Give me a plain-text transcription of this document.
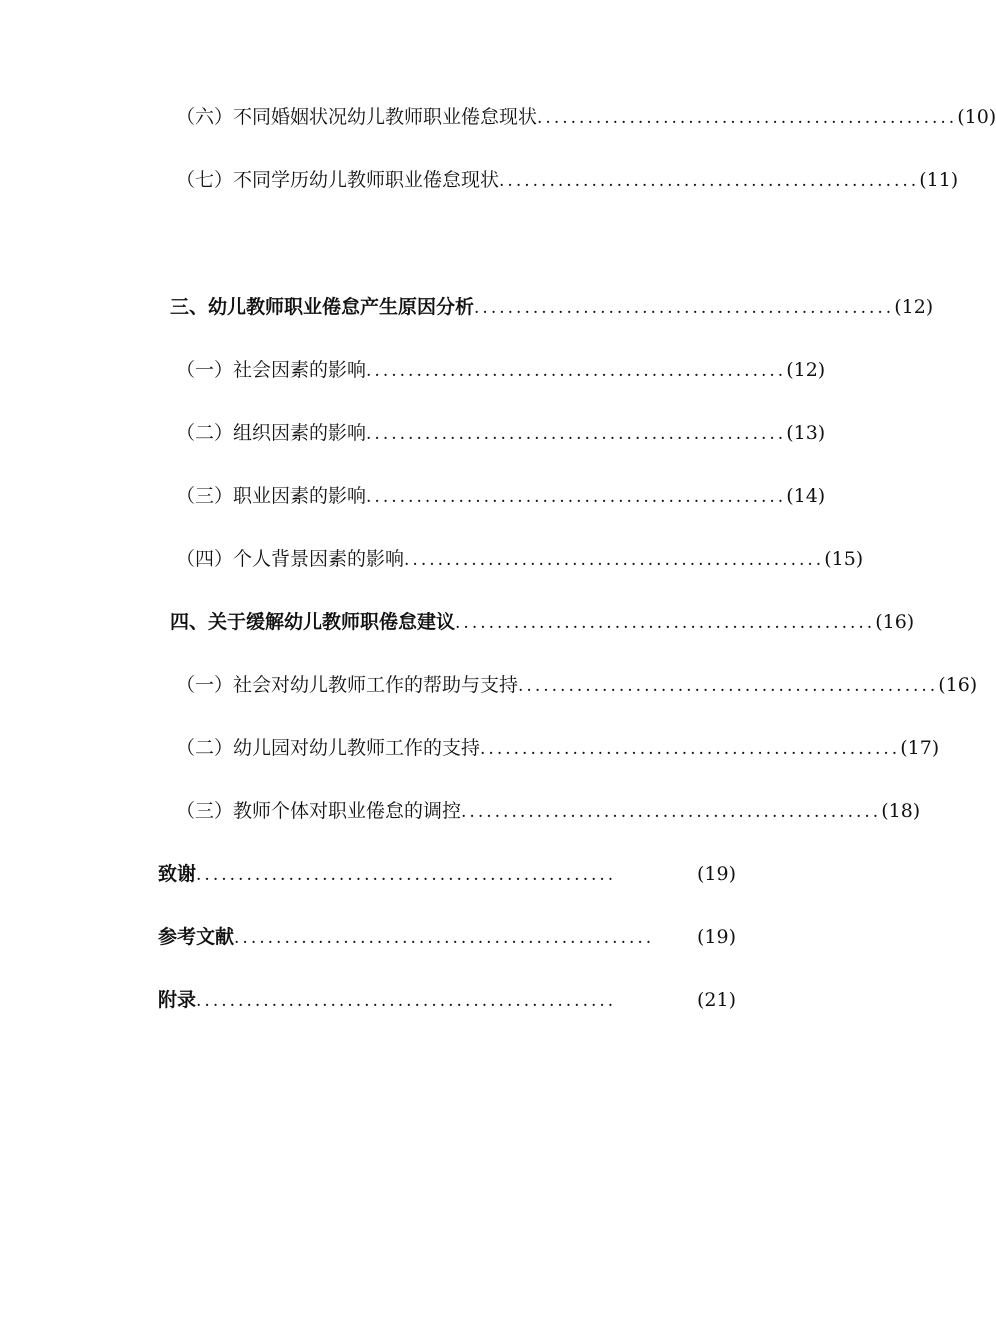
（六）不同婚姻状况幼儿教师职业倦怠现状 .................................................. (10)
（七）不同学历幼儿教师职业倦怠现状 .................................................. (11)
三、幼儿教师职业倦怠产生原因分析 .................................................. (12)
（一）社会因素的影响 .................................................. (12)
（二）组织因素的影响 .................................................. (13)
（三）职业因素的影响 .................................................. (14)
（四）个人背景因素的影响 .................................................. (15)
四、关于缓解幼儿教师职倦怠建议 .................................................. (16)
（一）社会对幼儿教师工作的帮助与支持 .................................................. (16)
（二）幼儿园对幼儿教师工作的支持 .................................................. (17)
（三）教师个体对职业倦怠的调控 .................................................. (18)
致谢 ..................................................	(19)
参考文献 ..................................................	(19)
附录 ..................................................	(21)
